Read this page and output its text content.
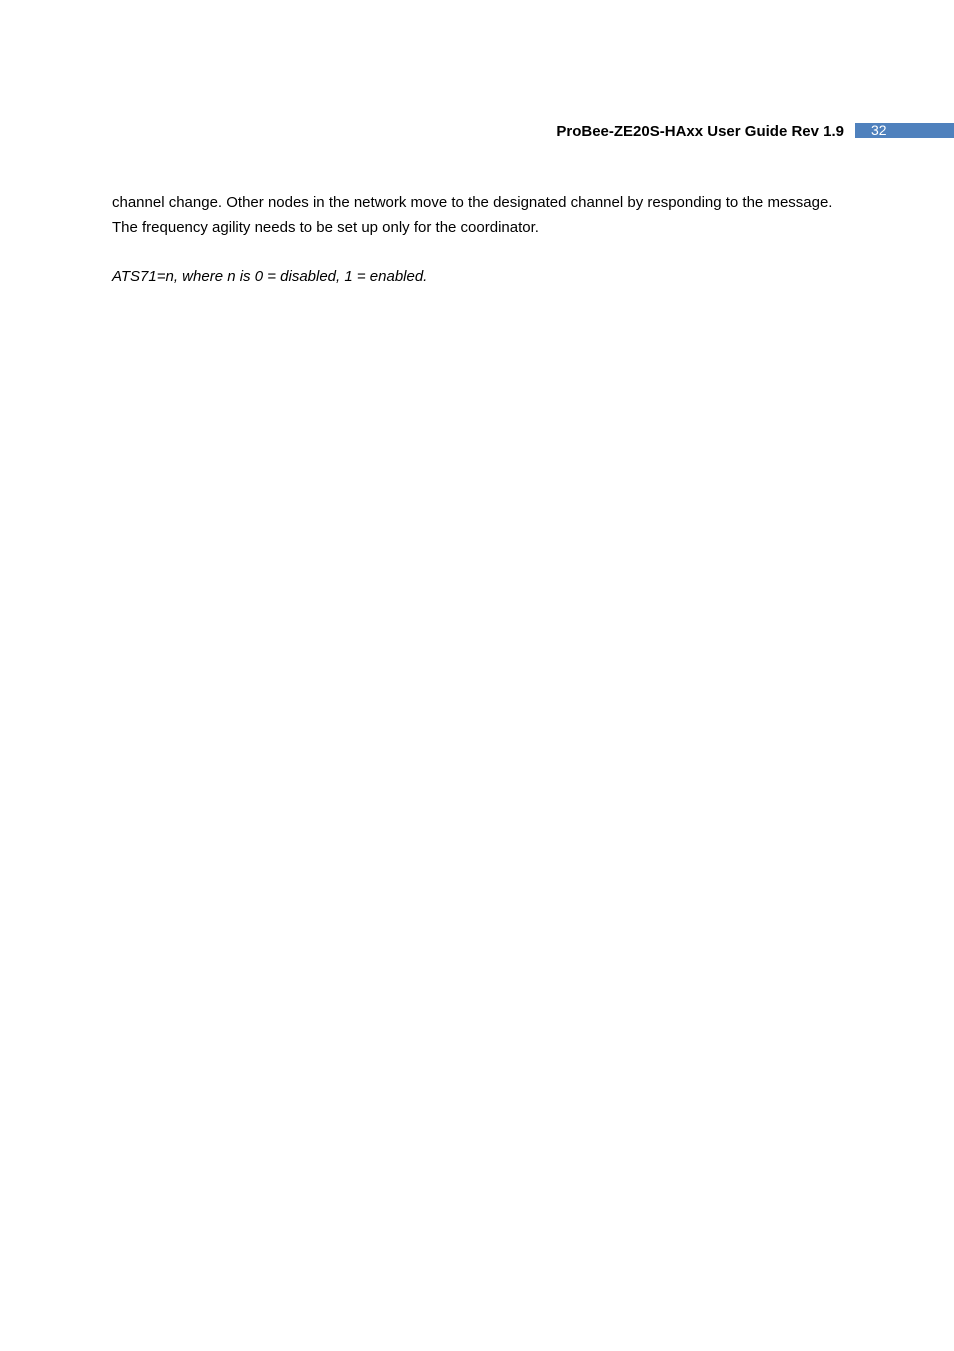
ProBee-ZE20S-HAxx User Guide Rev 1.9 32

channel change. Other nodes in the network move to the designated channel by responding to the message.

The frequency agility needs to be set up only for the coordinator.

ATS71=n, where n is 0 = disabled, 1 = enabled.
